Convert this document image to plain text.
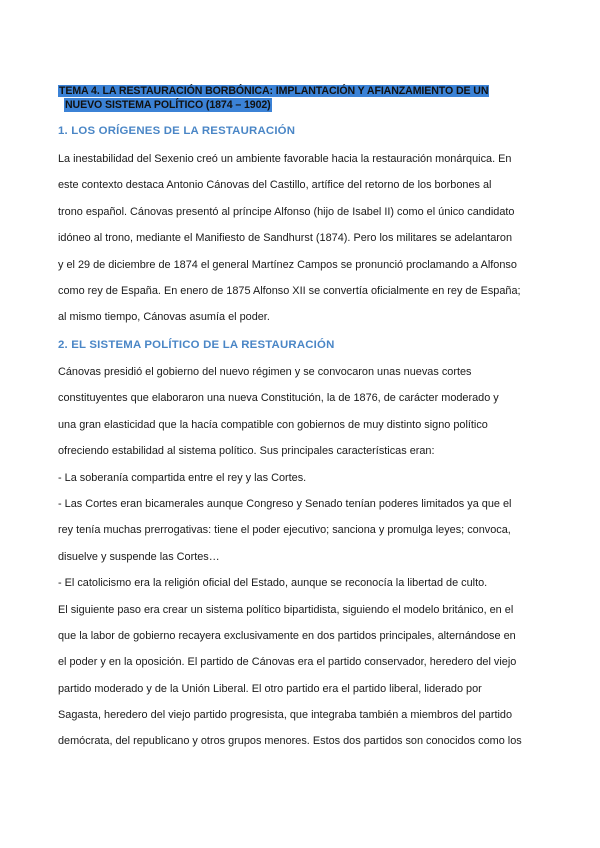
TEMA 4. LA RESTAURACIÓN BORBÓNICA: IMPLANTACIÓN Y AFIANZAMIENTO DE UN
NUEVO SISTEMA POLÍTICO (1874 – 1902)
1. LOS ORÍGENES DE LA RESTAURACIÓN
La inestabilidad del Sexenio creó un ambiente favorable hacia la restauración monárquica. En
este contexto destaca Antonio Cánovas del Castillo, artífice del retorno de los borbones al
trono español. Cánovas presentó al príncipe Alfonso (hijo de Isabel II) como el único candidato
idóneo al trono, mediante el Manifiesto de Sandhurst (1874). Pero los militares se adelantaron
y el 29 de diciembre de 1874 el general Martínez Campos se pronunció proclamando a Alfonso
como rey de España. En enero de 1875 Alfonso XII se convertía oficialmente en rey de España;
al mismo tiempo, Cánovas asumía el poder.
2. EL SISTEMA POLÍTICO DE LA RESTAURACIÓN
Cánovas presidió el gobierno del nuevo régimen y se convocaron unas nuevas cortes
constituyentes que elaboraron una nueva Constitución, la de 1876, de carácter moderado y
una gran elasticidad que la hacía compatible con gobiernos de muy distinto signo político
ofreciendo estabilidad al sistema político. Sus principales características eran:
- La soberanía compartida entre el rey y las Cortes.
- Las Cortes eran bicamerales aunque Congreso y Senado tenían poderes limitados ya que el
rey tenía muchas prerrogativas: tiene el poder ejecutivo; sanciona y promulga leyes; convoca,
disuelve y suspende las Cortes…
- El catolicismo era la religión oficial del Estado, aunque se reconocía la libertad de culto.
El siguiente paso era crear un sistema político bipartidista, siguiendo el modelo británico, en el
que la labor de gobierno recayera exclusivamente en dos partidos principales, alternándose en
el poder y en la oposición. El partido de Cánovas era el partido conservador, heredero del viejo
partido moderado y de la Unión Liberal. El otro partido era el partido liberal, liderado por
Sagasta, heredero del viejo partido progresista, que integraba también a miembros del partido
demócrata, del republicano y otros grupos menores. Estos dos partidos son conocidos como los
